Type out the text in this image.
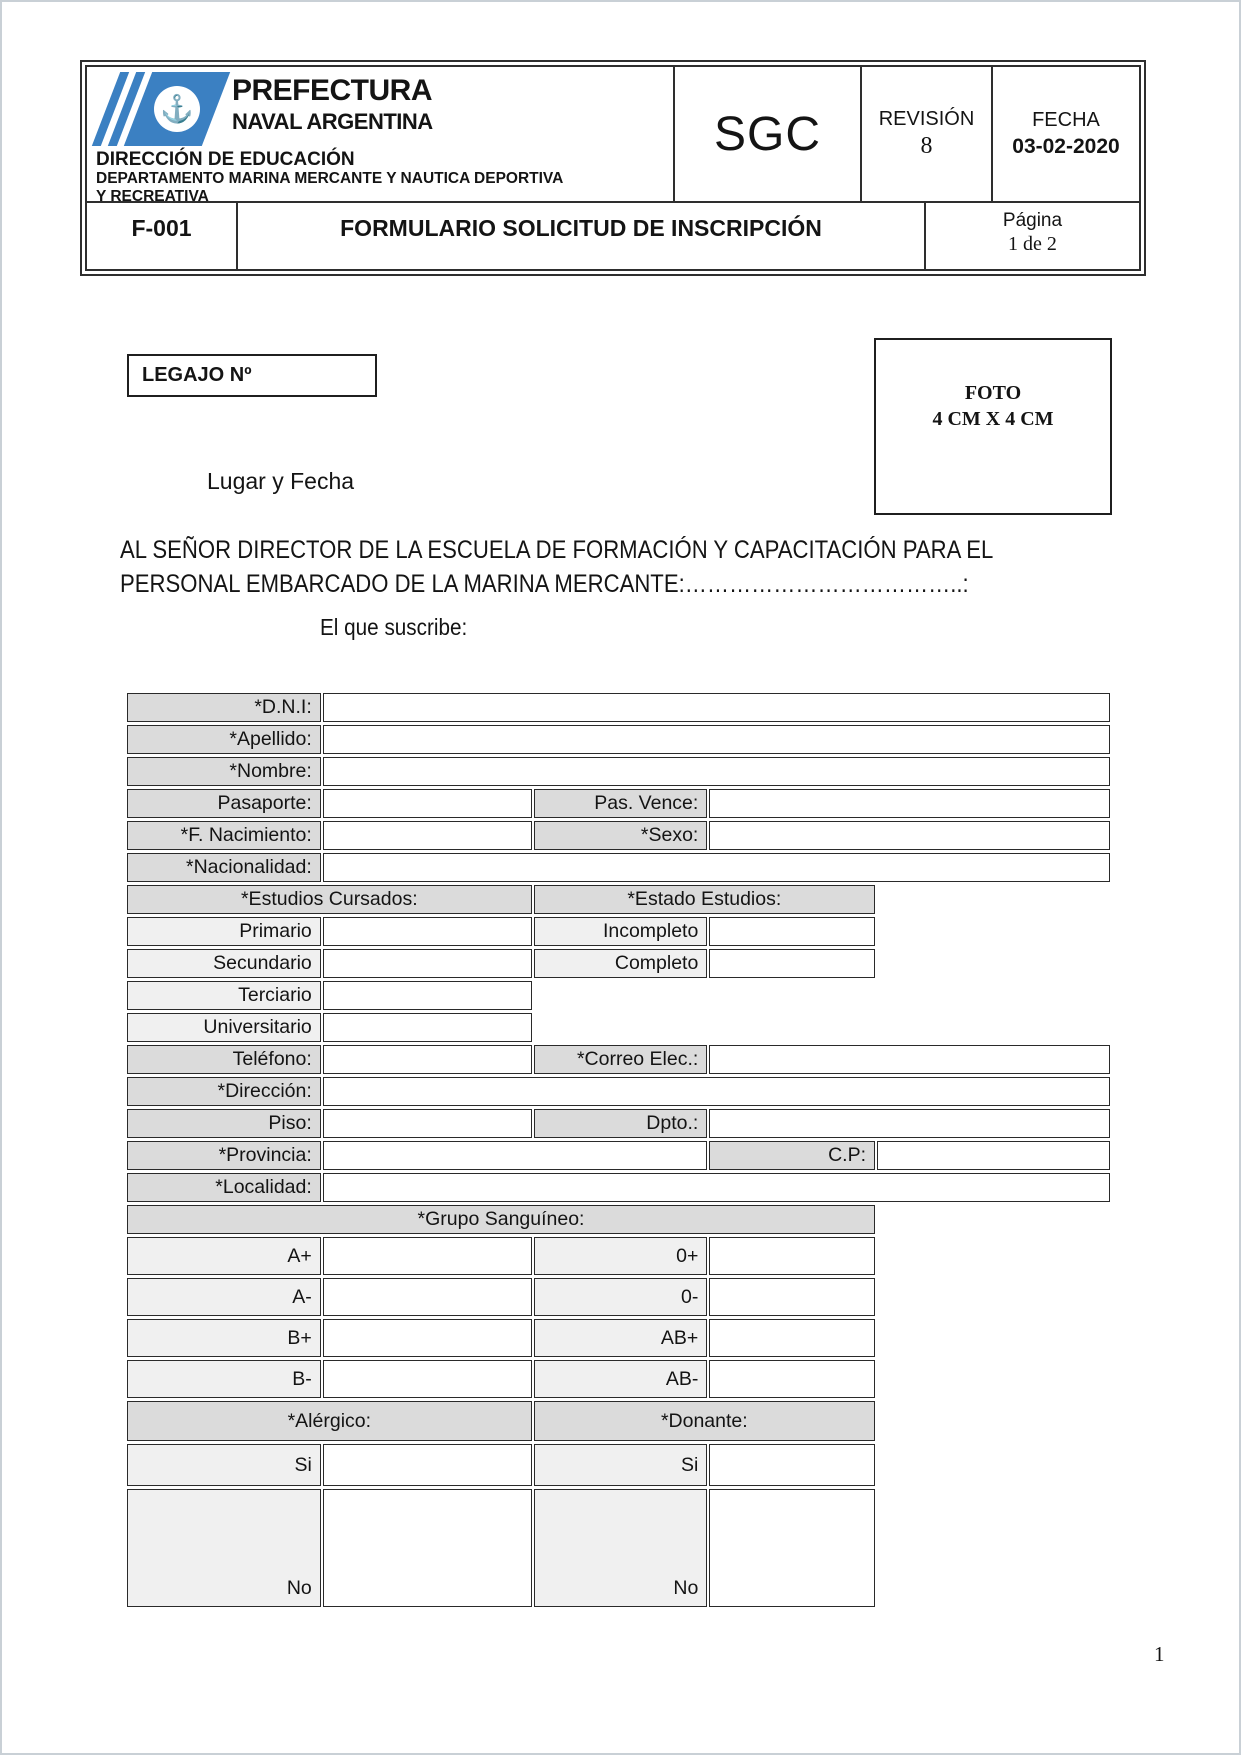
⚓
PREFECTURA
NAVAL ARGENTINA
DIRECCIÓN DE EDUCACIÓN
DEPARTAMENTO MARINA MERCANTE Y NAUTICA DEPORTIVA Y RECREATIVA
SGC	REVISIÓN
8
FECHA
03-02-2020
F-001	FORMULARIO SOLICITUD DE INSCRIPCIÓN	Página
1 de 2
LEGAJO Nº
FOTO
4 CM X 4 CM
Lugar y Fecha
AL SEÑOR DIRECTOR DE LA ESCUELA DE FORMACIÓN Y CAPACITACIÓN PARA EL
PERSONAL EMBARCADO DE LA MARINA MERCANTE:………………………………..:
El que suscribe:
*D.N.I:				
*Apellido:				
*Nombre:				
Pasaporte:		Pas. Vence:		
*F. Nacimiento:		*Sexo:		
*Nacionalidad:				
*Estudios Cursados:		*Estado Estudios:		
Primario		Incompleto		
Secundario		Completo		
Terciario				
Universitario				
Teléfono:		*Correo Elec.:		
*Dirección:				
Piso:		Dpto.:		
*Provincia:			C.P:	
*Localidad:				
*Grupo Sanguíneo:				
A+		0+		
A-		0-		
B+		AB+		
B-		AB-		
*Alérgico:		*Donante:		
Si		Si		
No		No		
1
